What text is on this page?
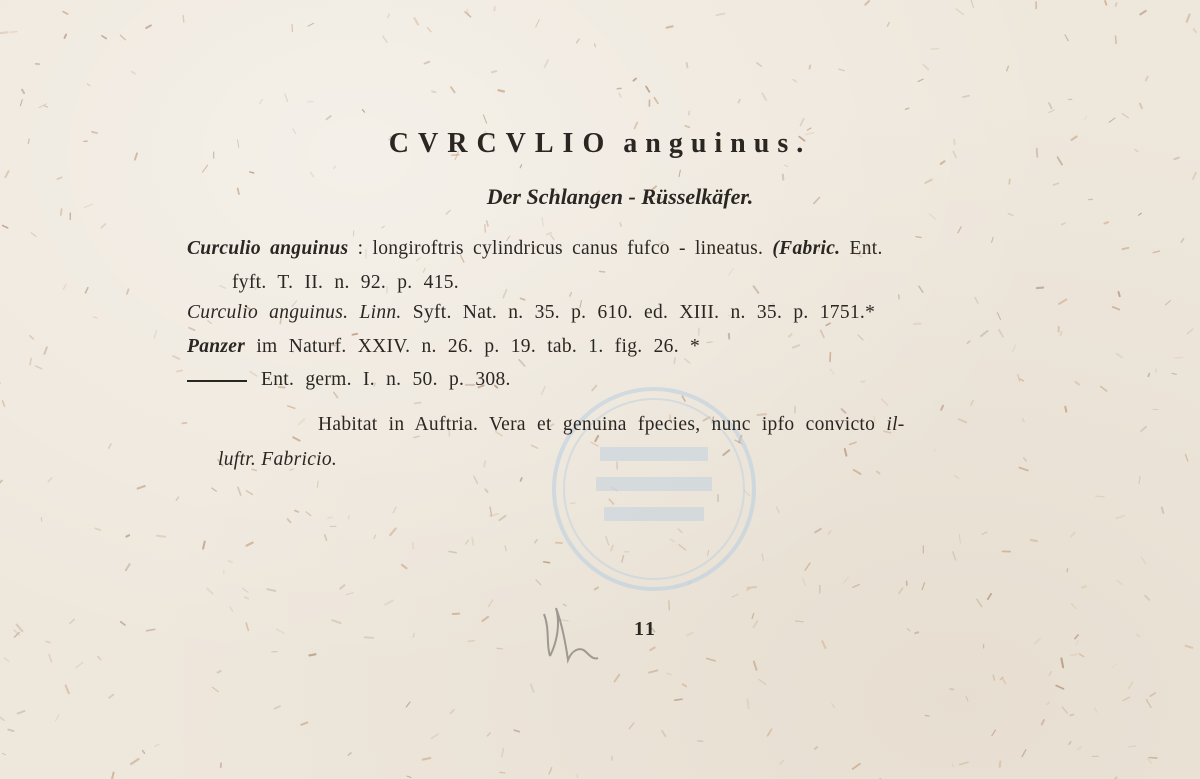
CVRCVLIO anguinus.
Der Schlangen - Rüsselkäfer.
Curculio anguinus : longiroftris cylindricus canus fufco - lineatus. (Fabric. Ent.
fyft. T. II. n. 92. p. 415.
Curculio anguinus. Linn. Syft. Nat. n. 35. p. 610. ed. XIII. n. 35. p. 1751.*
Panzer im Naturf. XXIV. n. 26. p. 19. tab. 1. fig. 26. *
Ent. germ. I. n. 50. p. 308.
Habitat in Auftria. Vera et genuina fpecies, nunc ipfo convicto il-
luftr. Fabricio.
11
